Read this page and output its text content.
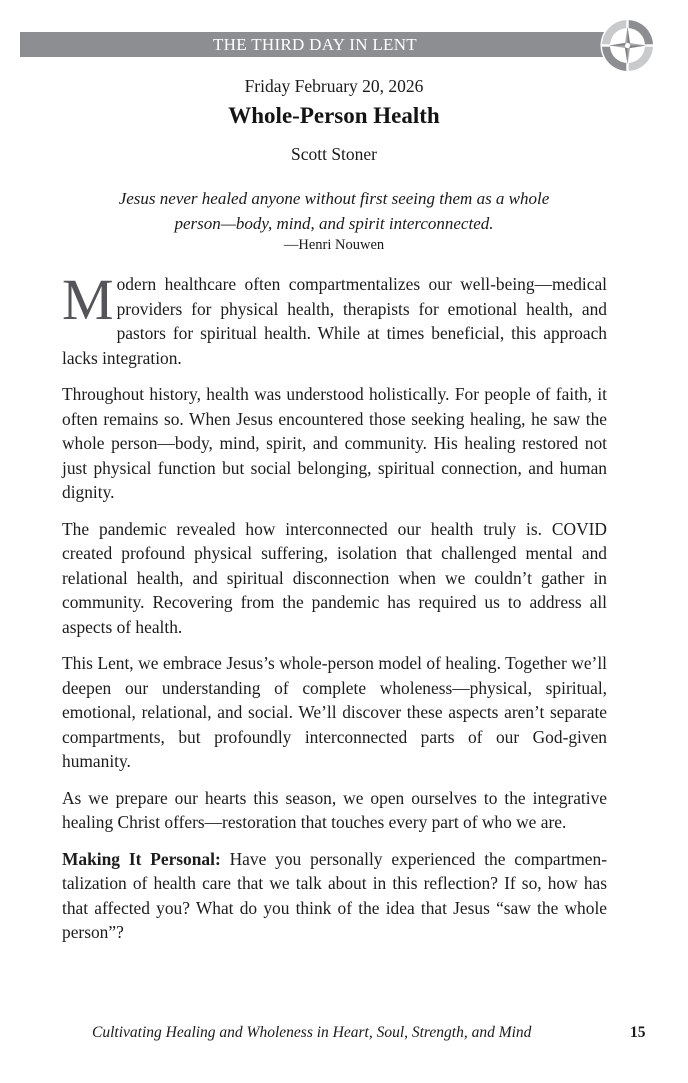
THE THIRD DAY IN LENT
Friday February 20, 2026
Whole-Person Health
Scott Stoner
Jesus never healed anyone without first seeing them as a whole person—body, mind, and spirit interconnected.
—Henri Nouwen

Modern healthcare often compartmentalizes our well-being—medical providers for physical health, therapists for emotional health, and pastors for spiritual health. While at times beneficial, this approach lacks integration.

Throughout history, health was understood holistically. For people of faith, it often remains so. When Jesus encountered those seeking healing, he saw the whole person—body, mind, spirit, and community. His healing restored not just physical function but social belonging, spiritual connection, and human dignity.

The pandemic revealed how interconnected our health truly is. COVID created profound physical suffering, isolation that challenged mental and relational health, and spiritual disconnection when we couldn’t gather in community. Recovering from the pandemic has required us to address all aspects of health.

This Lent, we embrace Jesus’s whole-person model of healing. Together we’ll deepen our understanding of complete wholeness—physical, spiritual, emotional, relational, and social. We’ll discover these aspects aren’t separate compartments, but profoundly interconnected parts of our God-given humanity.

As we prepare our hearts this season, we open ourselves to the integrative healing Christ offers—restoration that touches every part of who we are.

Making It Personal: Have you personally experienced the compartmentalization of health care that we talk about in this reflection? If so, how has that affected you? What do you think of the idea that Jesus “saw the whole person”?

Cultivating Healing and Wholeness in Heart, Soul, Strength, and Mind	15
